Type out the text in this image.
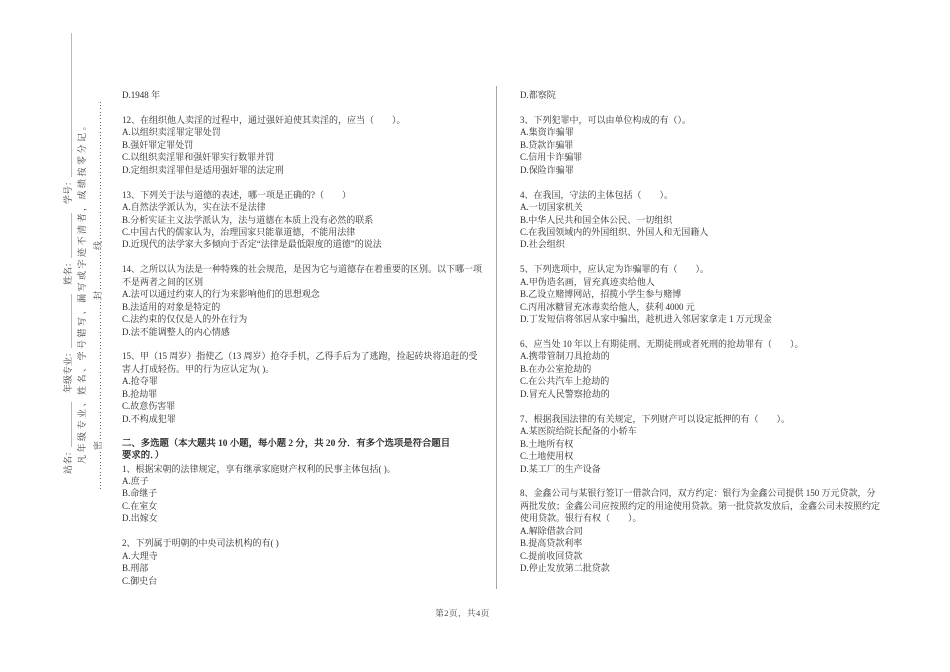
站名：＿＿＿＿＿　年级专业：＿＿＿＿＿＿　姓名：＿＿＿＿＿　学号：＿＿＿＿＿＿＿＿＿＿＿＿＿＿＿＿ 凡年级专业、姓名、学号错写、漏写或字迹不清者，成绩按零分记。 …………密……………………………………封…………线……………………………………

D.1948 年

12、在组织他人卖淫的过程中，通过强奸迫使其卖淫的，应当（　　）。

A.以组织卖淫罪定罪处罚

B.强奸罪定罪处罚

C.以组织卖淫罪和强奸罪实行数罪并罚

D.定组织卖淫罪但是适用强奸罪的法定刑

13、下列关于法与道德的表述，哪一项是正确的?（　　）

A.自然法学派认为，实在法不是法律

B.分析实证主义法学派认为，法与道德在本质上没有必然的联系

C.中国古代的儒家认为，治理国家只能靠道德，不能用法律

D.近现代的法学家大多倾向于否定“法律是最低限度的道德”的说法

14、之所以认为法是一种特殊的社会规范，是因为它与道德存在着重要的区别。以下哪一项

不是两者之间的区别

A.法可以通过约束人的行为来影响他们的思想观念

B.法适用的对象是特定的

C.法约束的仅仅是人的外在行为

D.法不能调整人的内心情感

15、甲（15 周岁）指使乙（13 周岁）抢夺手机，乙得手后为了逃跑，捡起砖块将追赶的受

害人打成轻伤。甲的行为应认定为( )。

A.抢夺罪

B.抢劫罪

C.故意伤害罪

D.不构成犯罪

二、多选题（本大题共 10 小题，每小题 2 分，共 20 分．有多个选项是符合题目

要求的．）

1、根据宋朝的法律规定，享有继承家庭财产权利的民事主体包括( )。

A.庶子

B.命继子

C.在室女

D.出嫁女

2、下列属于明朝的中央司法机构的有( )

A.大理寺

B.刑部

C.御史台

D.都察院

3、下列犯罪中，可以由单位构成的有（）。

A.集资诈骗罪

B.贷款诈骗罪

C.信用卡诈骗罪

D.保险诈骗罪

4、在我国，守法的主体包括（　　）。

A.一切国家机关

B.中华人民共和国全体公民、一切组织

C.在我国领域内的外国组织、外国人和无国籍人

D.社会组织

5、下列选项中，应认定为诈骗罪的有（　　）。

A.甲伪造名画，冒充真迹卖给他人

B.乙设立赌博网站，招揽小学生参与赌博

C.丙用冰糖冒充冰毒卖给他人，获利 4000 元

D.丁发短信将邻居从家中骗出，趁机进入邻居家拿走 1 万元现金

6、应当处 10 年以上有期徒刑、无期徒刑或者死刑的抢劫罪有（　　）。

A.携带管制刀具抢劫的

B.在办公室抢劫的

C.在公共汽车上抢劫的

D.冒充人民警察抢劫的

7、根据我国法律的有关规定，下列财产可以设定抵押的有（　　）。

A.某医院给院长配备的小轿车

B.土地所有权

C.土地使用权

D.某工厂的生产设备

8、金鑫公司与某银行签订一借款合同，双方约定：银行为金鑫公司提供 150 万元贷款，分

两批发放；金鑫公司应按照约定的用途使用贷款。第一批贷款发放后，金鑫公司未按照约定

使用贷款。银行有权（　　）。

A.解除借款合同

B.提高贷款利率

C.提前收回贷款

D.停止发放第二批贷款

第2页，共4页
